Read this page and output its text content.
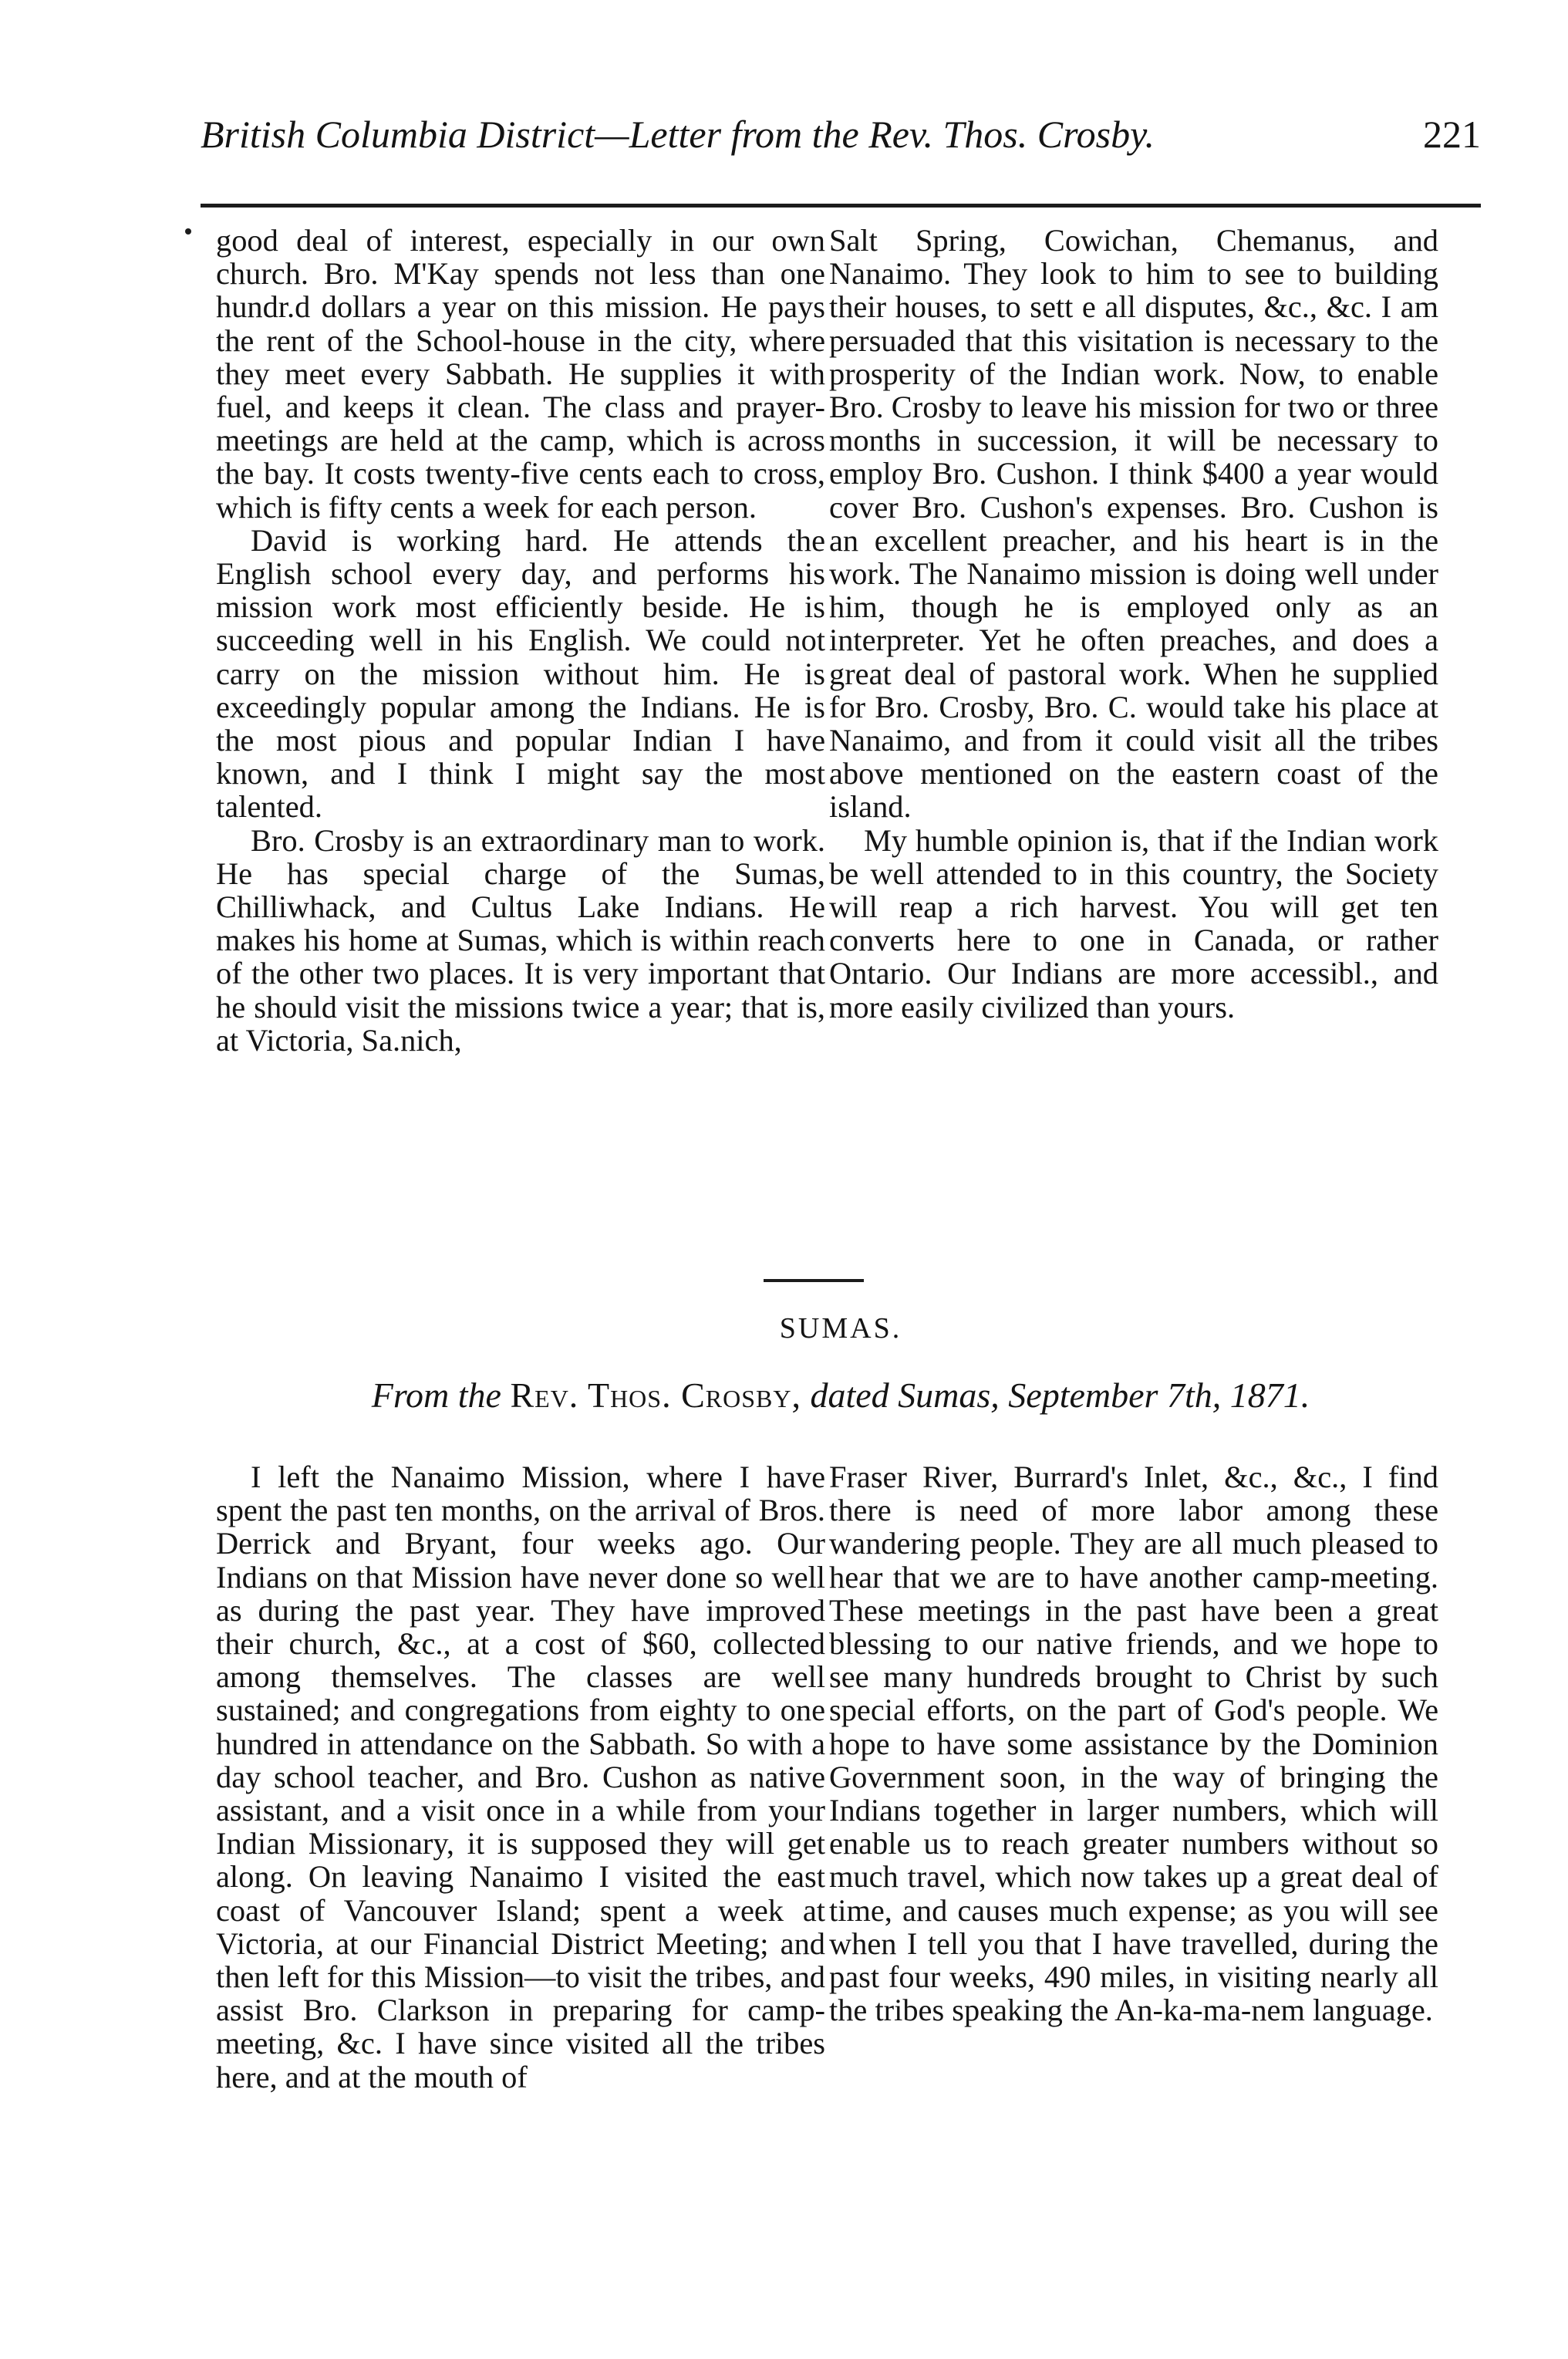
British Columbia District—Letter from the Rev. Thos. Crosby.	221

good deal of interest, especially in our own church. Bro. M'Kay spends not less than one hundr.d dollars a year on this mission. He pays the rent of the School-house in the city, where they meet every Sabbath. He supplies it with fuel, and keeps it clean. The class and prayer-meetings are held at the camp, which is across the bay. It costs twenty-five cents each to cross, which is fifty cents a week for each person.

David is working hard. He attends the English school every day, and performs his mission work most efficiently beside. He is succeeding well in his English. We could not carry on the mission without him. He is exceedingly popular among the Indians. He is the most pious and popular Indian I have known, and I think I might say the most talented.

Bro. Crosby is an extraordinary man to work. He has special charge of the Sumas, Chilliwhack, and Cultus Lake Indians. He makes his home at Sumas, which is within reach of the other two places. It is very important that he should visit the missions twice a year; that is, at Victoria, Sa.nich,

Salt Spring, Cowichan, Chemanus, and Nanaimo. They look to him to see to building their houses, to sett e all disputes, &c., &c. I am persuaded that this visitation is necessary to the prosperity of the Indian work. Now, to enable Bro. Crosby to leave his mission for two or three months in succession, it will be necessary to employ Bro. Cushon. I think $400 a year would cover Bro. Cushon's expenses. Bro. Cushon is an excellent preacher, and his heart is in the work. The Nanaimo mission is doing well under him, though he is employed only as an interpreter. Yet he often preaches, and does a great deal of pastoral work. When he supplied for Bro. Crosby, Bro. C. would take his place at Nanaimo, and from it could visit all the tribes above mentioned on the eastern coast of the island.

My humble opinion is, that if the Indian work be well attended to in this country, the Society will reap a rich harvest. You will get ten converts here to one in Canada, or rather Ontario. Our Indians are more accessibl., and more easily civilized than yours.

SUMAS.
From the Rev. Thos. Crosby, dated Sumas, September 7th, 1871.

I left the Nanaimo Mission, where I have spent the past ten months, on the arrival of Bros. Derrick and Bryant, four weeks ago. Our Indians on that Mission have never done so well as during the past year. They have improved their church, &c., at a cost of $60, collected among themselves. The classes are well sustained; and congregations from eighty to one hundred in attendance on the Sabbath. So with a day school teacher, and Bro. Cushon as native assistant, and a visit once in a while from your Indian Missionary, it is supposed they will get along. On leaving Nanaimo I visited the east coast of Vancouver Island; spent a week at Victoria, at our Financial District Meeting; and then left for this Mission—to visit the tribes, and assist Bro. Clarkson in preparing for camp-meeting, &c. I have since visited all the tribes here, and at the mouth of

Fraser River, Burrard's Inlet, &c., &c., I find there is need of more labor among these wandering people. They are all much pleased to hear that we are to have another camp-meeting. These meetings in the past have been a great blessing to our native friends, and we hope to see many hundreds brought to Christ by such special efforts, on the part of God's people. We hope to have some assistance by the Dominion Government soon, in the way of bringing the Indians together in larger numbers, which will enable us to reach greater numbers without so much travel, which now takes up a great deal of time, and causes much expense; as you will see when I tell you that I have travelled, during the past four weeks, 490 miles, in visiting nearly all the tribes speaking the An-ka-ma-nem language.
